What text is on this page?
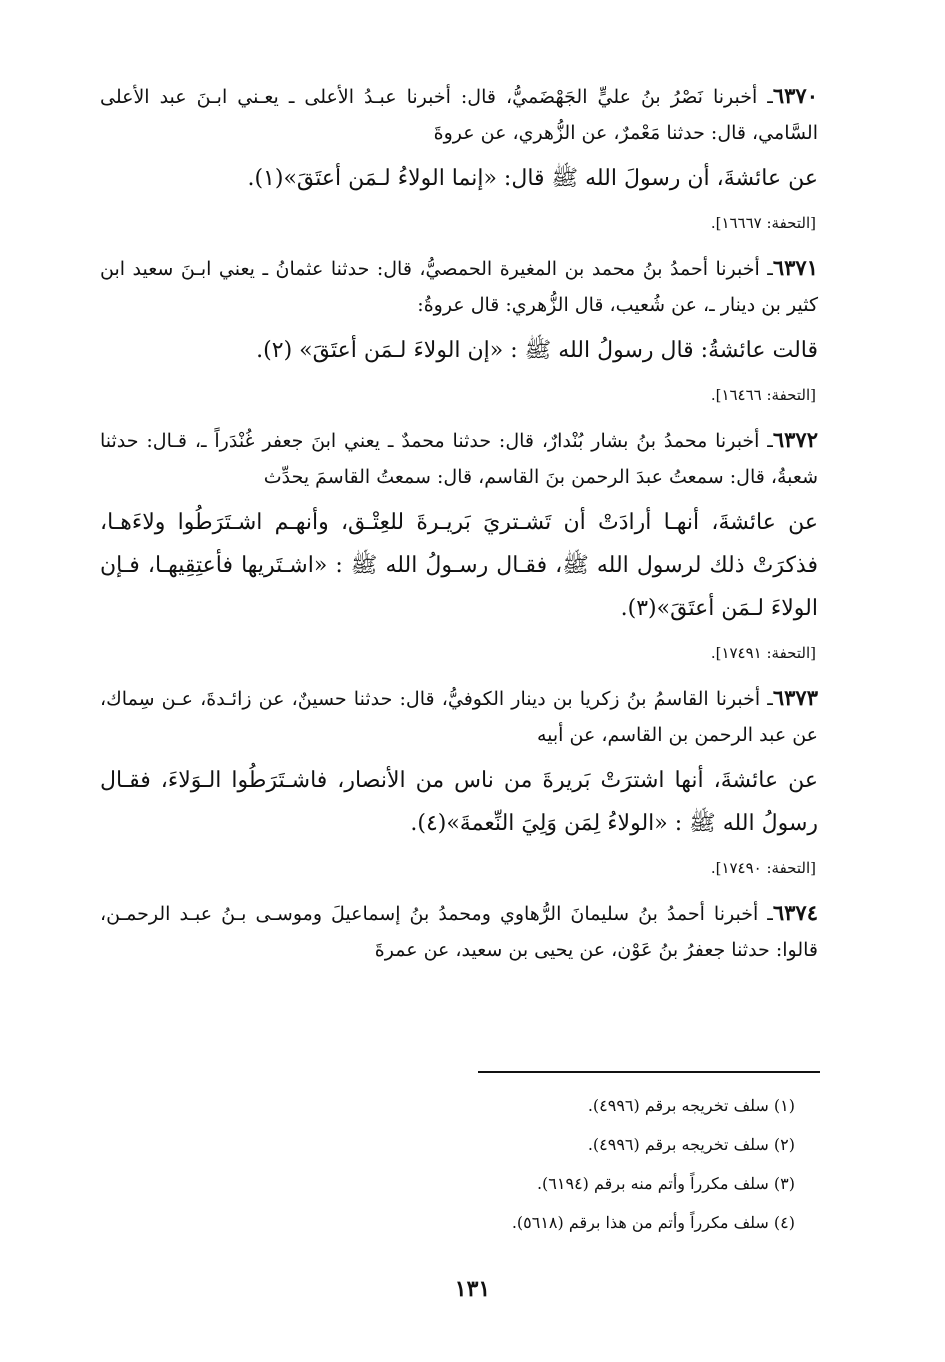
٦٣٧٠ـ أخبرنا نَصْرُ بنُ عليٍّ الجَهْضَميُّ، قال: أخبرنا عبـدُ الأعلى ـ يعـني ابـنَ عبد الأعلى السَّامي، قال: حدثنا مَعْمرٌ، عن الزُّهري، عن عروةَ

عن عائشةَ، أن رسولَ الله ﷺ قال: «إنما الولاءُ لـمَن أعتَقَ»(١).

[التحفة: ١٦٦٦٧].

٦٣٧١ـ أخبرنا أحمدُ بنُ محمد بن المغيرة الحمصيُّ، قال: حدثنا عثمانُ ـ يعني ابـنَ سعيد ابن كثير بن دينار ـ، عن شُعيب، قال الزُّهري: قال عروةُ:

قالت عائشةُ: قال رسولُ الله ﷺ : «إن الولاءَ لـمَن أعتَقَ» (٢).

[التحفة: ١٦٤٦٦].

٦٣٧٢ـ أخبرنا محمدُ بنُ بشار بُنْدارٌ، قال: حدثنا محمدٌ ـ يعني ابنَ جعفر غُنْدَراً ـ، قـال: حدثنا شعبةُ، قال: سمعتُ عبدَ الرحمن بنَ القاسم، قال: سمعتُ القاسمَ يحدِّث

عن عائشةَ، أنهـا أرادَتْ أن تَشـتريَ بَريـرةَ للعِتْـق، وأنهـم اشـتَرَطُوا ولاءَهـا، فذكرَتْ ذلك لرسول الله ﷺ، فقـال رسـولُ الله ﷺ : «اشـتَريها فأعتِقِيهـا، فـإن الولاءَ لـمَن أعتَقَ»(٣).

[التحفة: ١٧٤٩١].

٦٣٧٣ـ أخبرنا القاسمُ بنُ زكريا بن دينار الكوفيُّ، قال: حدثنا حسينٌ، عن زائـدةَ، عـن سِماك، عن عبد الرحمن بن القاسم، عن أبيه

عن عائشةَ، أنها اشترَتْ بَريرةَ من ناس من الأنصار، فاشـتَرَطُوا الـوَلاءَ، فقـال رسولُ الله ﷺ : «الولاءُ لِمَن وَلِيَ النِّعمةَ»(٤).

[التحفة: ١٧٤٩٠].

٦٣٧٤ـ أخبرنا أحمدُ بنُ سليمانَ الرُّهاوي ومحمدُ بنُ إسماعيلَ وموسـى بـنُ عبـد الرحمـن، قالوا: حدثنا جعفرُ بنُ عَوْن، عن يحيى بن سعيد، عن عمرةَ

(١) سلف تخريجه برقم (٤٩٩٦).
(٢) سلف تخريجه برقم (٤٩٩٦).
(٣) سلف مكرراً وأتم منه برقم (٦١٩٤).
(٤) سلف مكرراً وأتم من هذا برقم (٥٦١٨).
١٣١
